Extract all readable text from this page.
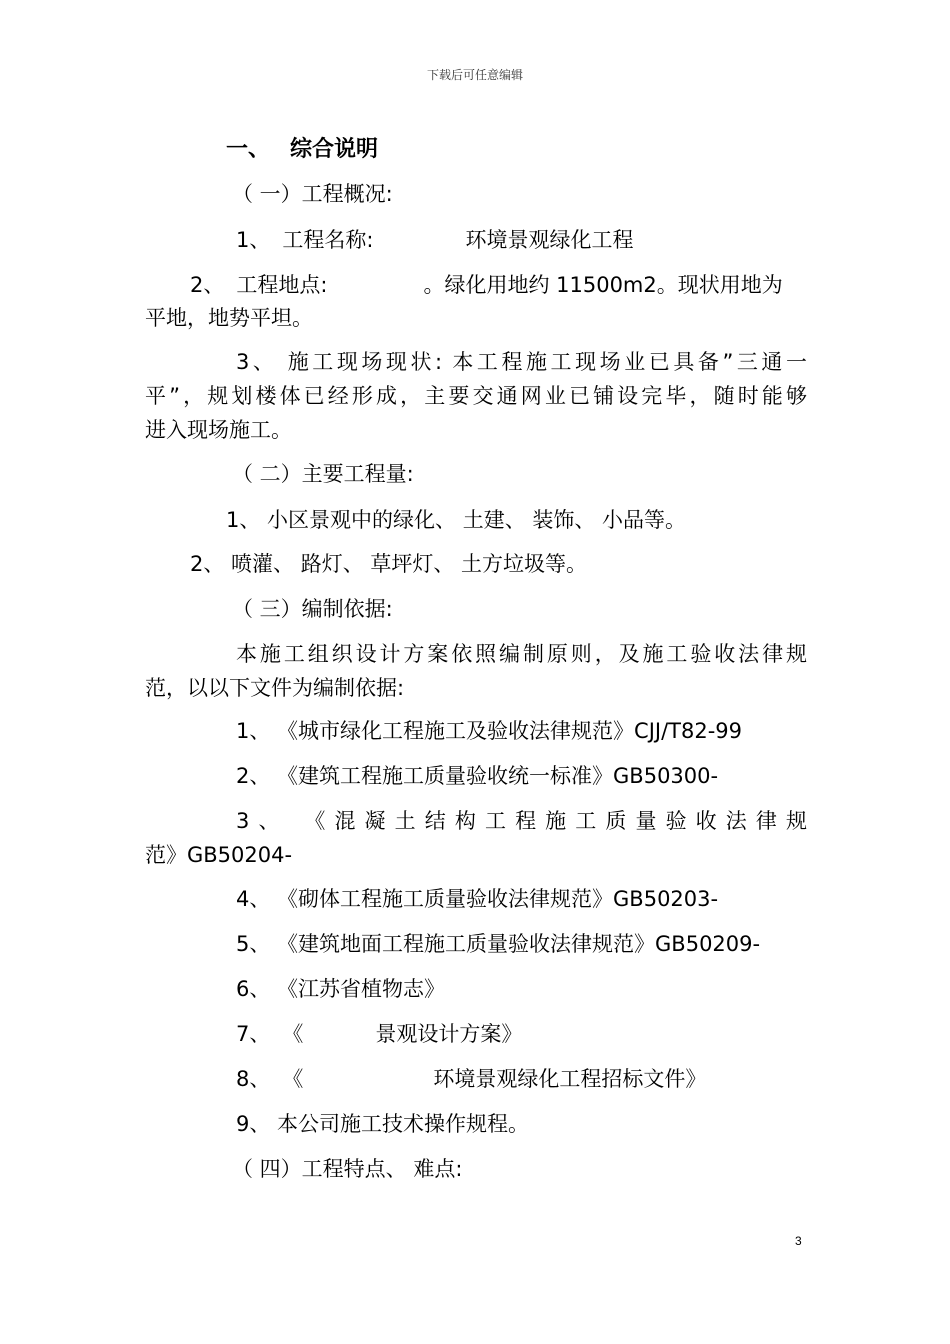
下载后可任意编辑
一、 综合说明
（ 一）工程概况:
1、 工程名称:	环境景观绿化工程
2、 工程地点:	。绿化用地约 11500m2。现状用地为
平地，地势平坦。
3、 施工现场现状: 本工程施工现场业已具备”三通一
平”，规划楼体已经形成，主要交通网业已铺设完毕，随时能够
进入现场施工。
（ 二）主要工程量:
1、 小区景观中的绿化、 土建、 装饰、 小品等。
2、 喷灌、 路灯、 草坪灯、 土方垃圾等。
（ 三）编制依据:
本施工组织设计方案依照编制原则，及施工验收法律规
范，以以下文件为编制依据:
1、 《城市绿化工程施工及验收法律规范》CJJ/T82-99
2、 《建筑工程施工质量验收统一标准》GB50300-
3、 《混凝土结构工程施工质量验收法律规
范》GB50204-
4、 《砌体工程施工质量验收法律规范》GB50203-
5、 《建筑地面工程施工质量验收法律规范》GB50209-
6、 《江苏省植物志》
7、 《	景观设计方案》
8、 《	环境景观绿化工程招标文件》
9、 本公司施工技术操作规程。
（ 四）工程特点、 难点:
3
